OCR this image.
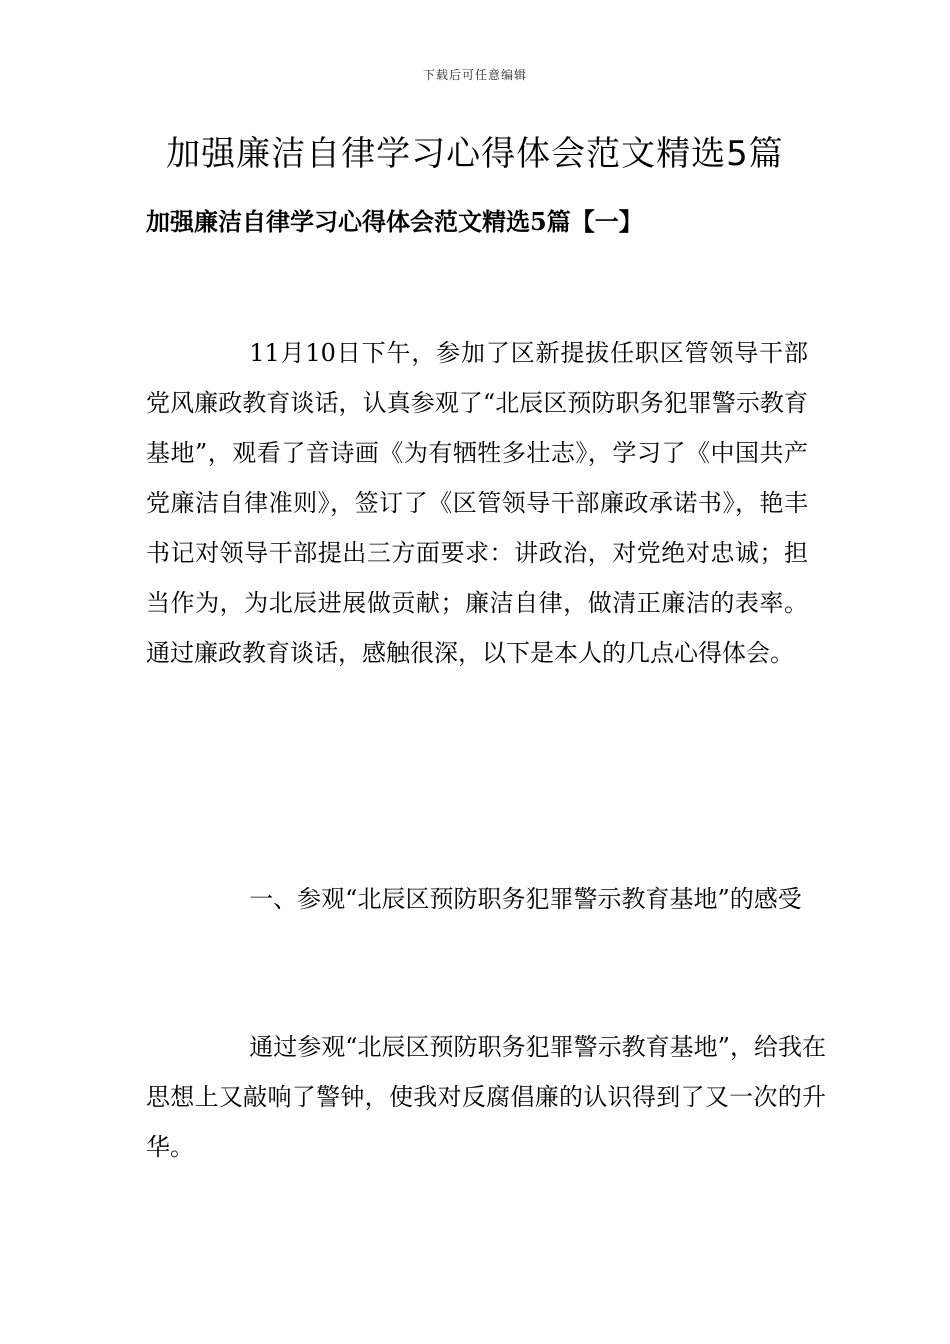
下载后可任意编辑
加强廉洁自律学习心得体会范文精选5篇
加强廉洁自律学习心得体会范文精选5篇【一】

11月10日下午，参加了区新提拔任职区管领导干部党风廉政教育谈话，认真参观了“北辰区预防职务犯罪警示教育基地”，观看了音诗画《为有牺牲多壮志》，学习了《中国共产党廉洁自律准则》，签订了《区管领导干部廉政承诺书》，艳丰书记对领导干部提出三方面要求：讲政治，对党绝对忠诚；担当作为，为北辰进展做贡献；廉洁自律，做清正廉洁的表率。通过廉政教育谈话，感触很深，以下是本人的几点心得体会。

一、参观“北辰区预防职务犯罪警示教育基地”的感受

通过参观“北辰区预防职务犯罪警示教育基地”，给我在思想上又敲响了警钟，使我对反腐倡廉的认识得到了又一次的升华。
